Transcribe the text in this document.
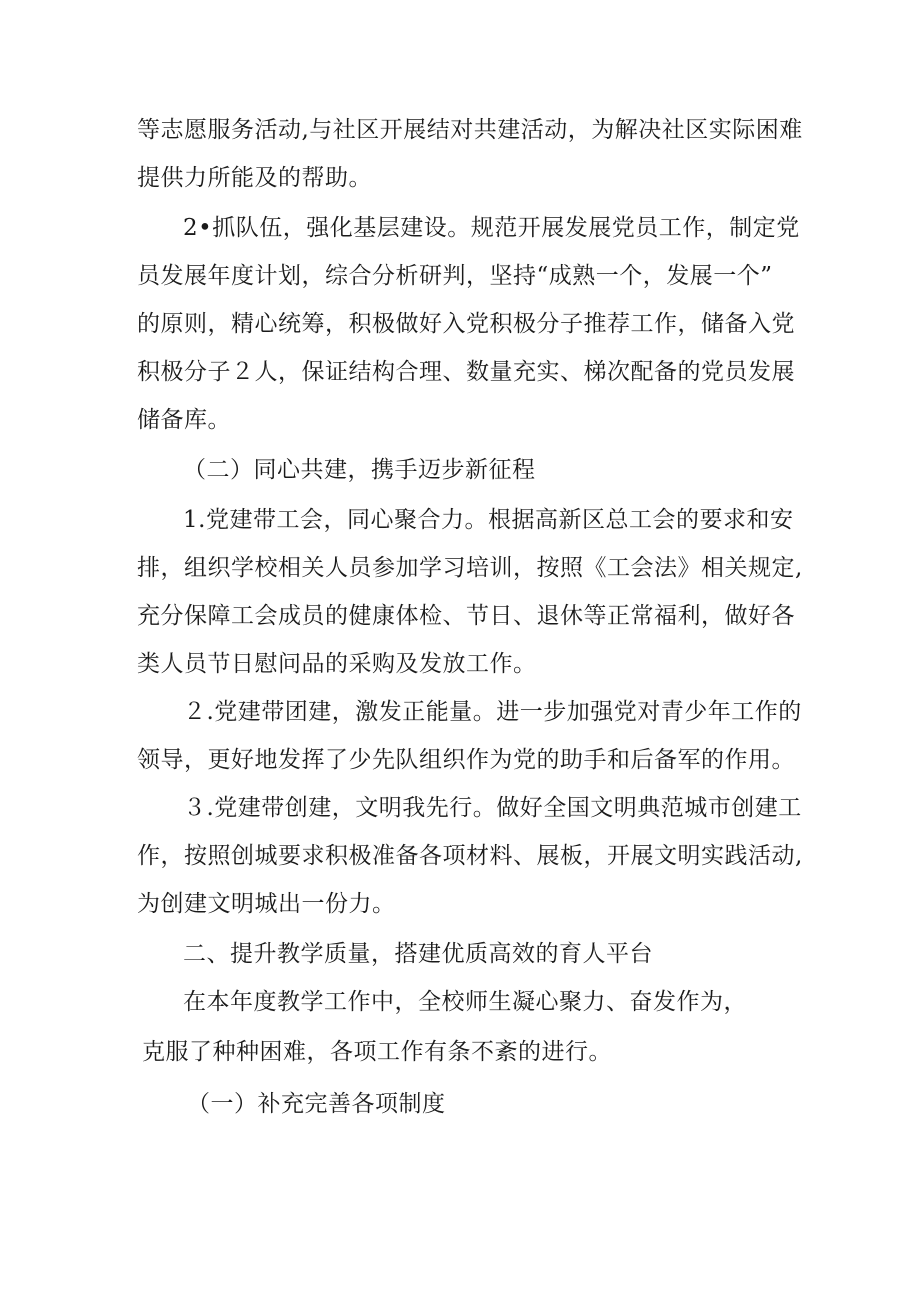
等志愿服务活动,与社区开展结对共建活动，为解决社区实际困难
提供力所能及的帮助。
2•抓队伍，强化基层建设。规范开展发展党员工作，制定党
员发展年度计划，综合分析研判，坚持“成熟一个，发展一个”
的原则，精心统筹，积极做好入党积极分子推荐工作，储备入党
积极分子２人，保证结构合理、数量充实、梯次配备的党员发展
储备库。
（二）同心共建，携手迈步新征程
1.党建带工会，同心聚合力。根据高新区总工会的要求和安
排，组织学校相关人员参加学习培训，按照《工会法》相关规定,
充分保障工会成员的健康体检、节日、退休等正常福利，做好各
类人员节日慰问品的采购及发放工作。
２.党建带团建，激发正能量。进一步加强党对青少年工作的
领导，更好地发挥了少先队组织作为党的助手和后备军的作用。
３.党建带创建，文明我先行。做好全国文明典范城市创建工
作，按照创城要求积极准备各项材料、展板，开展文明实践活动,
为创建文明城出一份力。
二、提升教学质量，搭建优质高效的育人平台
在本年度教学工作中，全校师生凝心聚力、奋发作为，
克服了种种困难，各项工作有条不紊的进行。
（一）补充完善各项制度
